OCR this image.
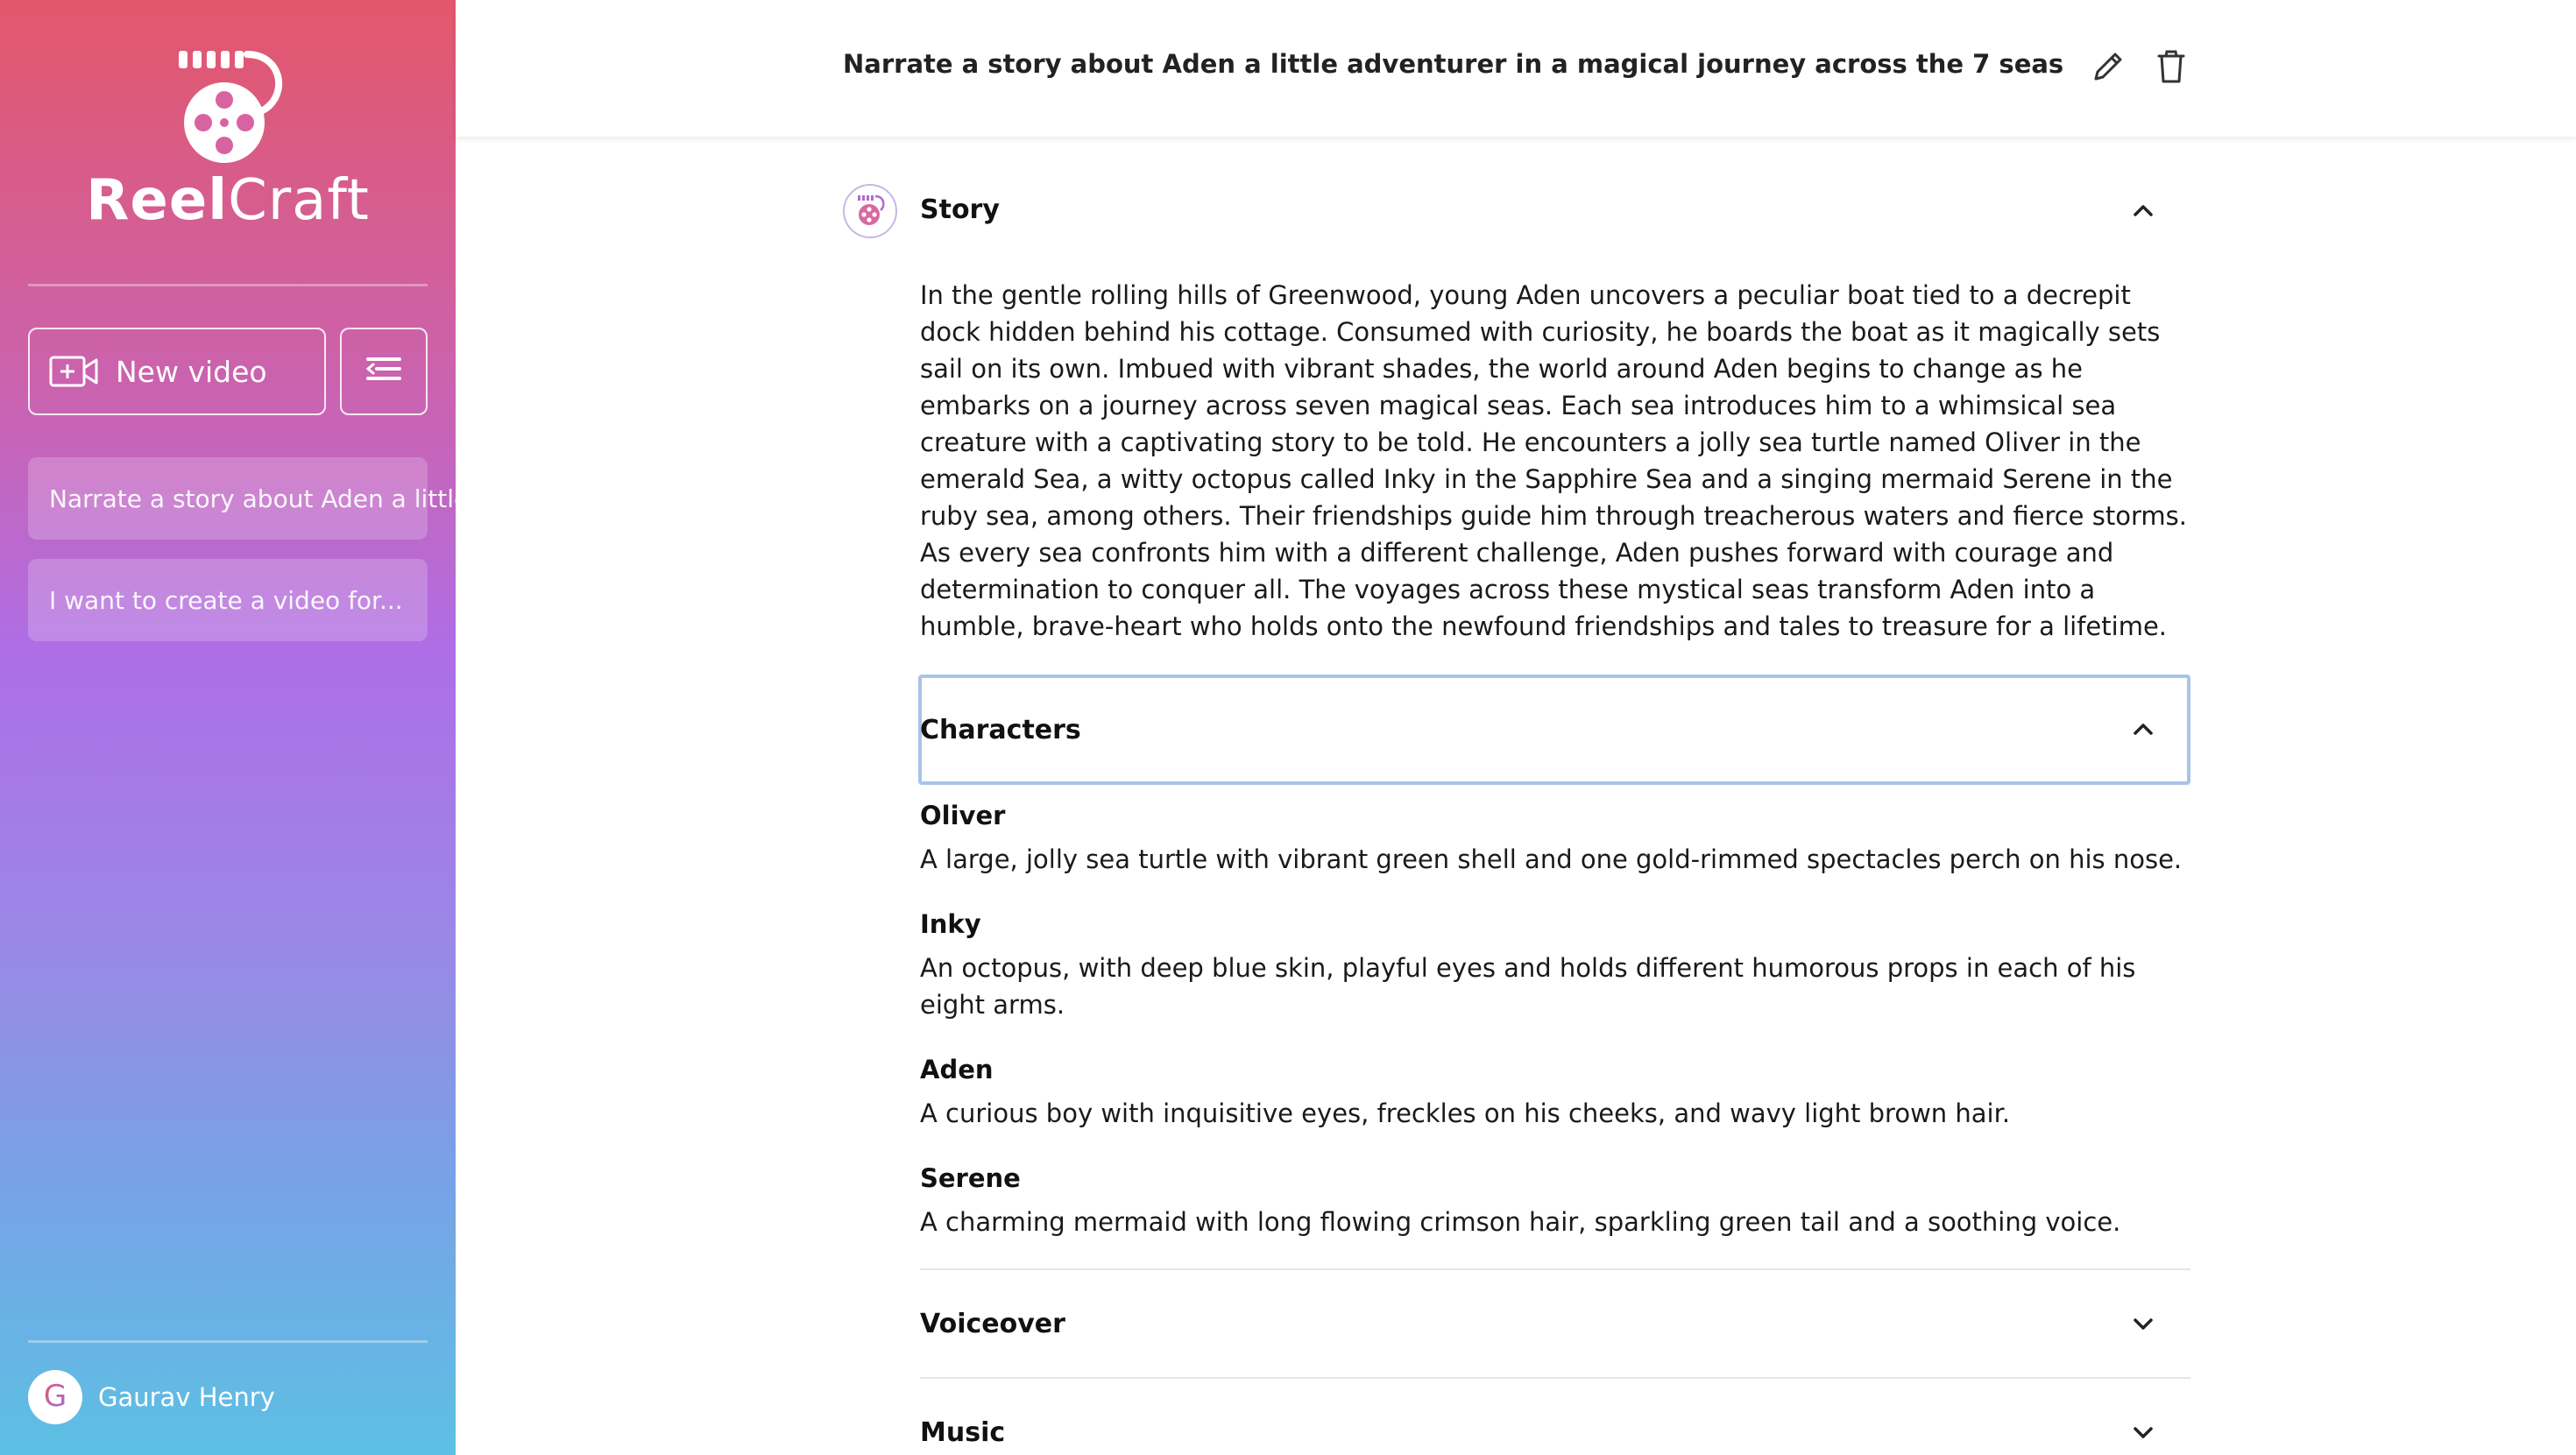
ReelCraft
New video
Narrate a story about Aden a little adventurer in a magical journey across the 7 seas
I want to create a video for...
G Gaurav Henry
Narrate a story about Aden a little adventurer in a magical journey across the 7 seas
Story

In the gentle rolling hills of Greenwood, young Aden uncovers a peculiar boat tied to a decrepit dock hidden behind his cottage. Consumed with curiosity, he boards the boat as it magically sets sail on its own. Imbued with vibrant shades, the world around Aden begins to change as he embarks on a journey across seven magical seas. Each sea introduces him to a whimsical sea creature with a captivating story to be told. He encounters a jolly sea turtle named Oliver in the emerald Sea, a witty octopus called Inky in the Sapphire Sea and a singing mermaid Serene in the ruby sea, among others. Their friendships guide him through treacherous waters and fierce storms. As every sea confronts him with a different challenge, Aden pushes forward with courage and determination to conquer all. The voyages across these mystical seas transform Aden into a humble, brave-heart who holds onto the newfound friendships and tales to treasure for a lifetime.

Characters
Oliver
A large, jolly sea turtle with vibrant green shell and one gold-rimmed spectacles perch on his nose.
Inky
An octopus, with deep blue skin, playful eyes and holds different humorous props in each of his eight arms.
Aden
A curious boy with inquisitive eyes, freckles on his cheeks, and wavy light brown hair.
Serene
A charming mermaid with long flowing crimson hair, sparkling green tail and a soothing voice.
Voiceover
Music
